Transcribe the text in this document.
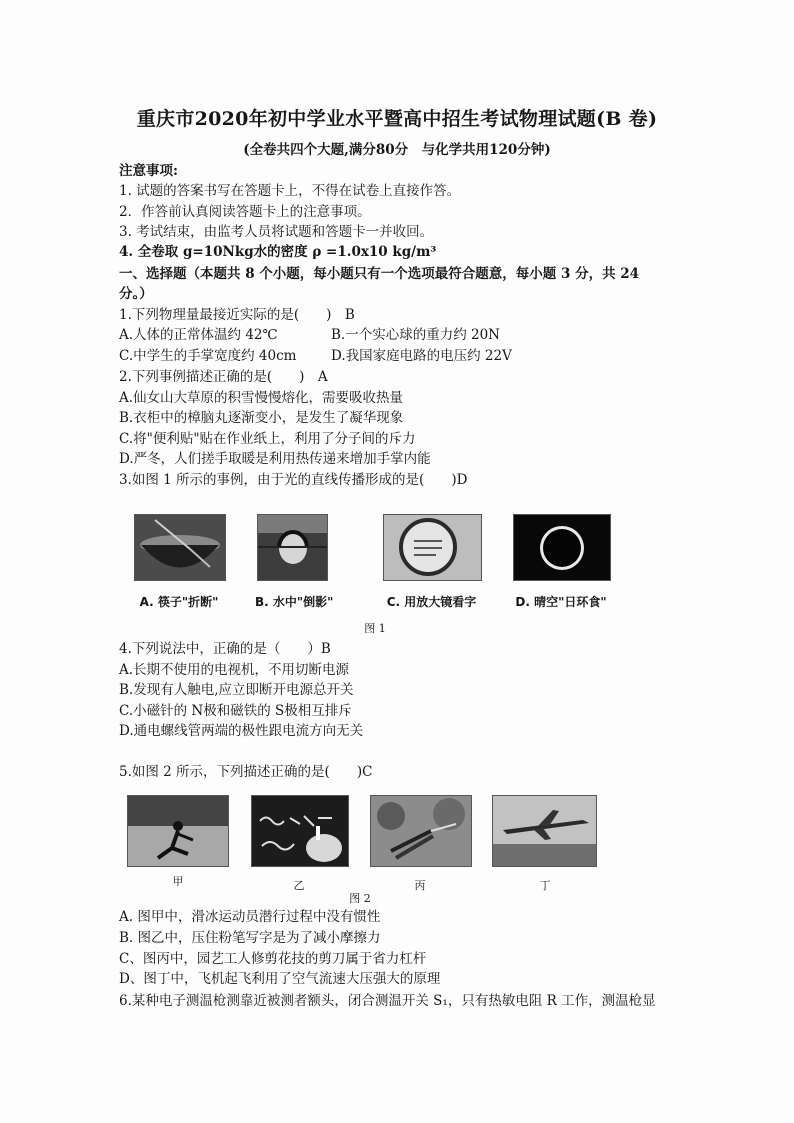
重庆市2020年初中学业水平暨高中招生考试物理试题(B 卷)
(全卷共四个大题,满分80分　与化学共用120分钟)
注意事项:
1. 试题的答案书写在答题卡上，不得在试卷上直接作答。
2．作答前认真阅读答题卡上的注意事项。
3. 考试结束，由监考人员将试题和答题卡一并收回。
4. 全卷取 g=10Nkg水的密度 ρ =1.0x10 kg/m³
一、选择题（本题共 8 个小题，每小题只有一个选项最符合题意，每小题 3 分，共 24
分。）
1.下列物理量最接近实际的是(　　)　B
A.人体的正常体温约 42℃	B.一个实心球的重力约 20N
C.中学生的手掌宽度约 40cm	D.我国家庭电路的电压约 22V
2.下列事例描述正确的是(　　)　A
A.仙女山大草原的积雪慢慢熔化，需要吸收热量
B.衣柜中的樟脑丸逐渐变小，是发生了凝华现象
C.将"便利贴"贴在作业纸上，利用了分子间的斥力
D.严冬，人们搓手取暖是利用热传递来增加手掌内能
3.如图 1 所示的事例，由于光的直线传播形成的是(　　)D
A. 筷子"折断"	B. 水中"倒影"	C. 用放大镜看字	D. 晴空"日环食"
图 1
4.下列说法中，正确的是（　　）B
A.长期不使用的电视机，不用切断电源
B.发现有人触电,应立即断开电源总开关
C.小磁针的 N极和磁铁的 S极相互排斥
D.通电螺线管两端的极性跟电流方向无关
5.如图 2 所示，下列描述正确的是(　　)C
甲	乙	丙	丁
图 2
A. 图甲中，滑冰运动员潜行过程中没有惯性
B. 图乙中，压住粉笔写字是为了减小摩擦力
C、图丙中，园艺工人修剪花技的剪刀属于省力杠杆
D、图丁中，飞机起飞利用了空气流速大压强大的原理
6.某种电子测温枪测靠近被测者额头，闭合测温开关 S₁，只有热敏电阻 R 工作，测温枪显
